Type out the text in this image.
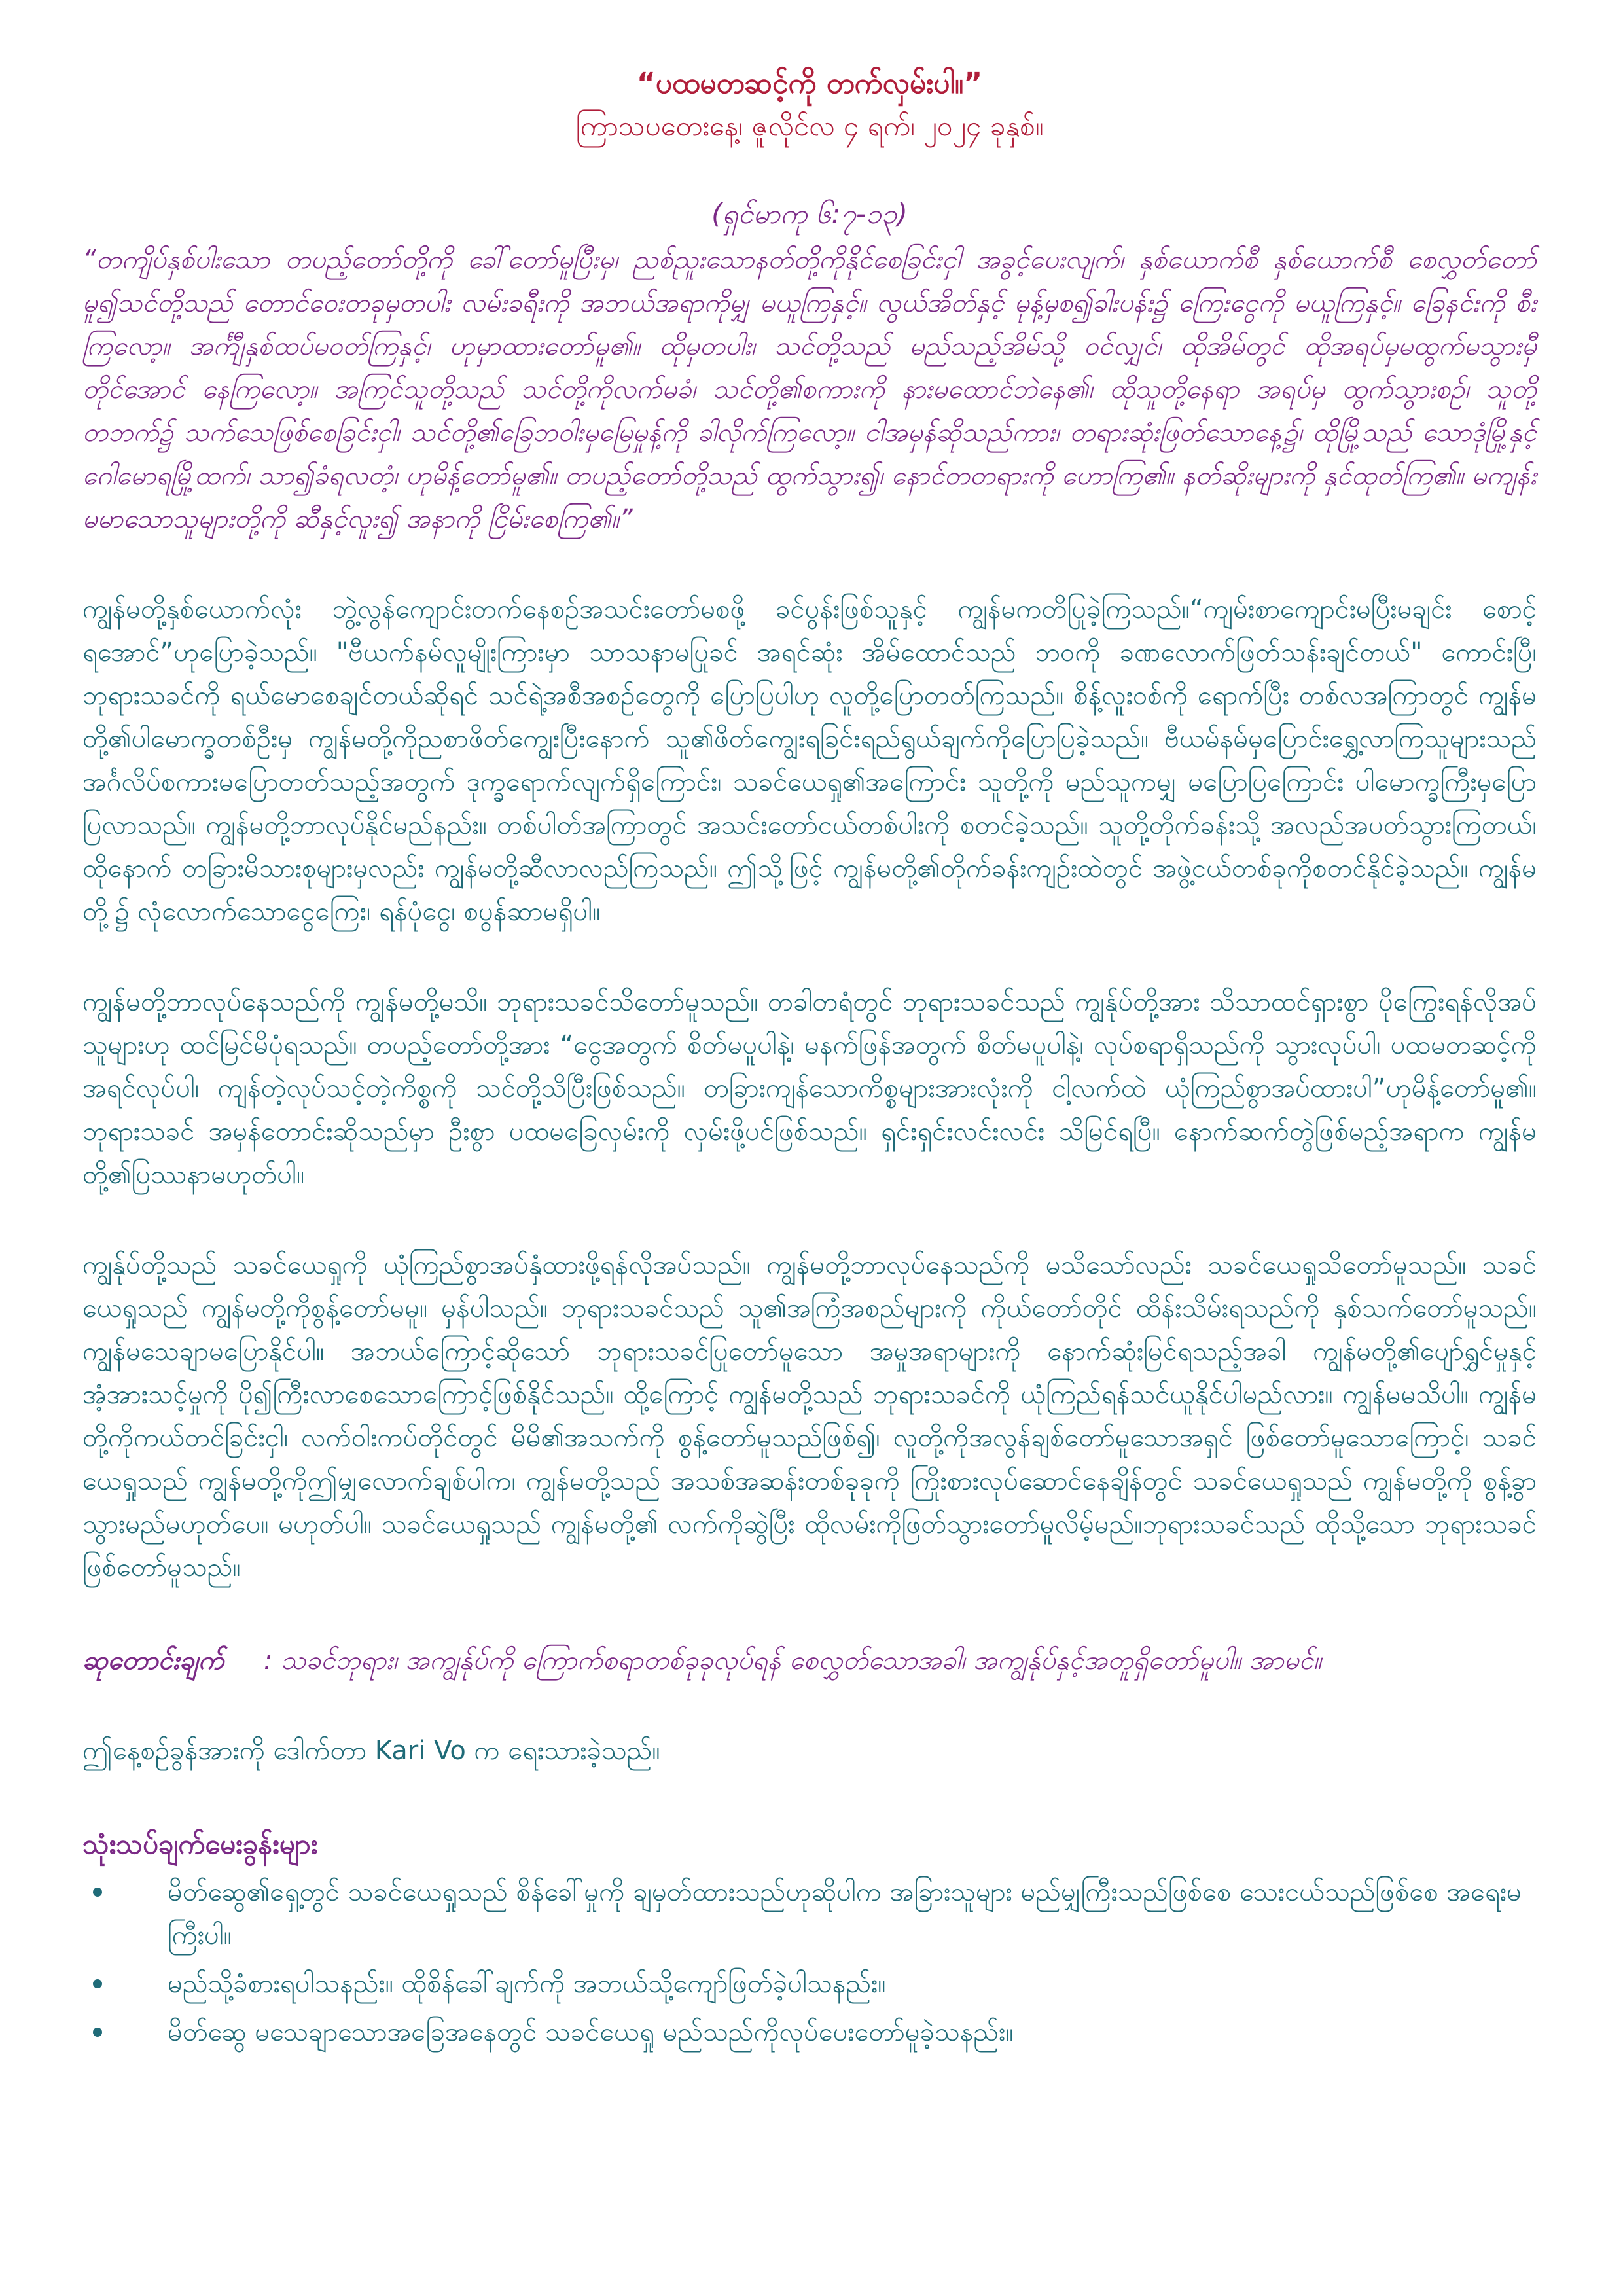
“ပထမတဆင့်ကို တက်လှမ်းပါ။”

ကြာသပတေးနေ့၊ ဇူလိုင်လ ၄ ရက်၊ ၂၀၂၄ ခုနှစ်။

(ရှင်မာကု ၆:၇-၁၃)

“တကျိပ်နှစ်ပါးသော တပည့်တော်တို့ကို ခေါ်တော်မူပြီးမှ၊ ညစ်ညူးသောနတ်တို့ကိုနိုင်စေခြင်းငှါ အခွင့်ပေးလျက်၊ နှစ်ယောက်စီ နှစ်ယောက်စီ စေလွှတ်တော်မူ၍သင်တို့သည် တောင်ဝေးတခုမှတပါး လမ်းခရီးကို အဘယ်အရာကိုမျှ မယူကြနှင့်။ လွယ်အိတ်နှင့် မုန့်မှစ၍ခါးပန်း၌ ကြေးငွေကို မယူကြနှင့်။ ခြေနင်းကို စီးကြလော့။ အင်္ကျီနှစ်ထပ်မဝတ်ကြနှင့်၊ ဟုမှာထားတော်မူ၏။ ထိုမှတပါး၊ သင်တို့သည် မည်သည့်အိမ်သို့ ဝင်လျှင်၊ ထိုအိမ်တွင် ထိုအရပ်မှမထွက်မသွားမှီတိုင်အောင် နေကြလော့။ အကြင်သူတို့သည် သင်တို့ကိုလက်မခံ၊ သင်တို့၏စကားကို နားမထောင်ဘဲနေ၏၊ ထိုသူတို့နေရာ အရပ်မှ ထွက်သွားစဉ်၊ သူတို့တဘက်၌ သက်သေဖြစ်စေခြင်းငှါ၊ သင်တို့၏ခြေဘဝါးမှမြေမှုန့်ကို ခါလိုက်ကြလော့။ ငါအမှန်ဆိုသည်ကား၊ တရားဆုံးဖြတ်သောနေ့၌၊ ထိုမြို့သည် သောဒုံမြို့နှင့်ဂေါမောရမြို့ထက်၊ သာ၍ခံရလတံ့၊ ဟုမိန့်တော်မူ၏။ တပည့်တော်တို့သည် ထွက်သွား၍၊ နောင်တတရားကို ဟောကြ၏။ နတ်ဆိုးများကို နှင်ထုတ်ကြ၏။ မကျန်းမမာသောသူများတို့ကို ဆီနှင့်လူး၍ အနာကို ငြိမ်းစေကြ၏။”

ကျွန်မတို့နှစ်ယောက်လုံး ဘွဲ့လွန်ကျောင်းတက်နေစဉ်အသင်းတော်မစဖို့ ခင်ပွန်းဖြစ်သူနှင့် ကျွန်မကတိပြုခဲ့ကြသည်။“ကျမ်းစာကျောင်းမပြီးမချင်း စောင့်ရအောင်”ဟုပြောခဲ့သည်။ "ဗီယက်နမ်လူမျိုးကြားမှာ သာသနာမပြုခင် အရင်ဆုံး အိမ်ထောင်သည် ဘဝကို ခဏလောက်ဖြတ်သန်းချင်တယ်" ကောင်းပြီ၊ ဘုရားသခင်ကို ရယ်မောစေချင်တယ်ဆိုရင် သင်ရဲ့အစီအစဉ်တွေကို ပြောပြပါဟု လူတို့ပြောတတ်ကြသည်။ စိန့်လူးဝစ်ကို ရောက်ပြီး တစ်လအကြာတွင် ကျွန်မတို့၏ပါမောက္ခတစ်ဦးမှ ကျွန်မတို့ကိုညစာဖိတ်ကျွေးပြီးနောက် သူ၏ဖိတ်ကျွေးရခြင်းရည်ရွယ်ချက်ကိုပြောပြခဲ့သည်။ ဗီယမ်နမ်မှပြောင်းရွှေ့လာကြသူများသည် အင်္ဂလိပ်စကားမပြောတတ်သည့်အတွက် ဒုက္ခရောက်လျက်ရှိကြောင်း၊ သခင်ယေရှု၏အကြောင်း သူတို့ကို မည်သူကမျှ မပြောပြကြောင်း ပါမောက္ခကြီးမှပြောပြလာသည်။ ကျွန်မတို့ဘာလုပ်နိုင်မည်နည်း။ တစ်ပါတ်အကြာတွင် အသင်းတော်ငယ်တစ်ပါးကို စတင်ခဲ့သည်။ သူတို့တိုက်ခန်းသို့ အလည်အပတ်သွားကြတယ်၊ ထိုနောက် တခြားမိသားစုများမှလည်း ကျွန်မတို့ဆီလာလည်ကြသည်။ ဤသို့ဖြင့် ကျွန်မတို့၏တိုက်ခန်းကျဉ်းထဲတွင် အဖွဲ့ငယ်တစ်ခုကိုစတင်နိုင်ခဲ့သည်။ ကျွန်မတို့၌ လုံလောက်သောငွေကြေး၊ ရန်ပုံငွေ၊ စပွန်ဆာမရှိပါ။

ကျွန်မတို့ဘာလုပ်နေသည်ကို ကျွန်မတို့မသိ။ ဘုရားသခင်သိတော်မူသည်။ တခါတရံတွင် ဘုရားသခင်သည် ကျွန်ုပ်တို့အား သိသာထင်ရှားစွာ ပိုကြွေးရန်လိုအပ်သူများဟု ထင်မြင်မိပုံရသည်။ တပည့်တော်တို့အား “ငွေအတွက် စိတ်မပူပါနဲ့၊ မနက်ဖြန်အတွက် စိတ်မပူပါနဲ့၊ လုပ်စရာရှိသည်ကို သွားလုပ်ပါ၊ ပထမတဆင့်ကို အရင်လုပ်ပါ၊ ကျန်တဲ့လုပ်သင့်တဲ့ကိစ္စကို သင်တို့သိပြီးဖြစ်သည်။ တခြားကျန်သောကိစ္စများအားလုံးကို ငါ့လက်ထဲ ယုံကြည်စွာအပ်ထားပါ”ဟုမိန့်တော်မူ၏။ ဘုရားသခင် အမှန်တောင်းဆိုသည်မှာ ဦးစွာ ပထမခြေလှမ်းကို လှမ်းဖို့ပင်ဖြစ်သည်။ ရှင်းရှင်းလင်းလင်း သိမြင်ရပြီ။ နောက်ဆက်တွဲဖြစ်မည့်အရာက ကျွန်မတို့၏ပြဿနာမဟုတ်ပါ။

ကျွန်ုပ်တို့သည် သခင်ယေရှုကို ယုံကြည်စွာအပ်နှံထားဖို့ရန်လိုအပ်သည်။ ကျွန်မတို့ဘာလုပ်နေသည်ကို မသိသော်လည်း သခင်ယေရှုသိတော်မူသည်။ သခင်ယေရှုသည် ကျွန်မတို့ကိုစွန့်တော်မမူ။ မှန်ပါသည်။ ဘုရားသခင်သည် သူ၏အကြံအစည်များကို ကိုယ်တော်တိုင် ထိန်းသိမ်းရသည်ကို နှစ်သက်တော်မူသည်။ ကျွန်မသေချာမပြောနိုင်ပါ။ အဘယ်ကြောင့်ဆိုသော် ဘုရားသခင်ပြုတော်မူသော အမှုအရာများကို နောက်ဆုံးမြင်ရသည့်အခါ ကျွန်မတို့၏ပျော်ရွှင်မှုနှင့်အံ့အားသင့်မှုကို ပို၍ကြီးလာစေသောကြောင့်ဖြစ်နိုင်သည်။ ထို့ကြောင့် ကျွန်မတို့သည် ဘုရားသခင်ကို ယုံကြည်ရန်သင်ယူနိုင်ပါမည်လား။ ကျွန်မမသိပါ။ ကျွန်မတို့ကိုကယ်တင်ခြင်းငှါ၊ လက်ဝါးကပ်တိုင်တွင် မိမိ၏အသက်ကို စွန့်တော်မူသည်ဖြစ်၍၊ လူတို့ကိုအလွန်ချစ်တော်မူသောအရှင် ဖြစ်တော်မူသောကြောင့်၊ သခင်ယေရှုသည် ကျွန်မတို့ကိုဤမျှလောက်ချစ်ပါက၊ ကျွန်မတို့သည် အသစ်အဆန်းတစ်ခုခုကို ကြိုးစားလုပ်ဆောင်နေချိန်တွင် သခင်ယေရှုသည် ကျွန်မတို့ကို စွန့်ခွာသွားမည်မဟုတ်ပေ။ မဟုတ်ပါ။ သခင်ယေရှုသည် ကျွန်မတို့၏ လက်ကိုဆွဲပြီး ထိုလမ်းကိုဖြတ်သွားတော်မူလိမ့်မည်။ဘုရားသခင်သည် ထိုသို့သော ဘုရားသခင်ဖြစ်တော်မူသည်။

ဆုတောင်းချက် : သခင်ဘုရား၊ အကျွန်ုပ်ကို ကြောက်စရာတစ်ခုခုလုပ်ရန် စေလွှတ်သောအခါ၊ အကျွန်ုပ်နှင့်အတူရှိတော်မူပါ။ အာမင်။

ဤနေ့စဉ်ခွန်အားကို ဒေါက်တာ Kari Vo က ရေးသားခဲ့သည်။

သုံးသပ်ချက်မေးခွန်းများ
မိတ်ဆွေ၏ရှေ့တွင် သခင်ယေရှုသည် စိန်ခေါ်မှုကို ချမှတ်ထားသည်ဟုဆိုပါက အခြားသူများ မည်မျှကြီးသည်ဖြစ်စေ သေးငယ်သည်ဖြစ်စေ အရေးမကြီးပါ။
မည်သို့ခံစားရပါသနည်း။ ထိုစိန်ခေါ်ချက်ကို အဘယ်သို့ကျော်ဖြတ်ခဲ့ပါသနည်း။
မိတ်ဆွေ မသေချာသောအခြေအနေတွင် သခင်ယေရှု မည်သည်ကိုလုပ်ပေးတော်မူခဲ့သနည်း။
